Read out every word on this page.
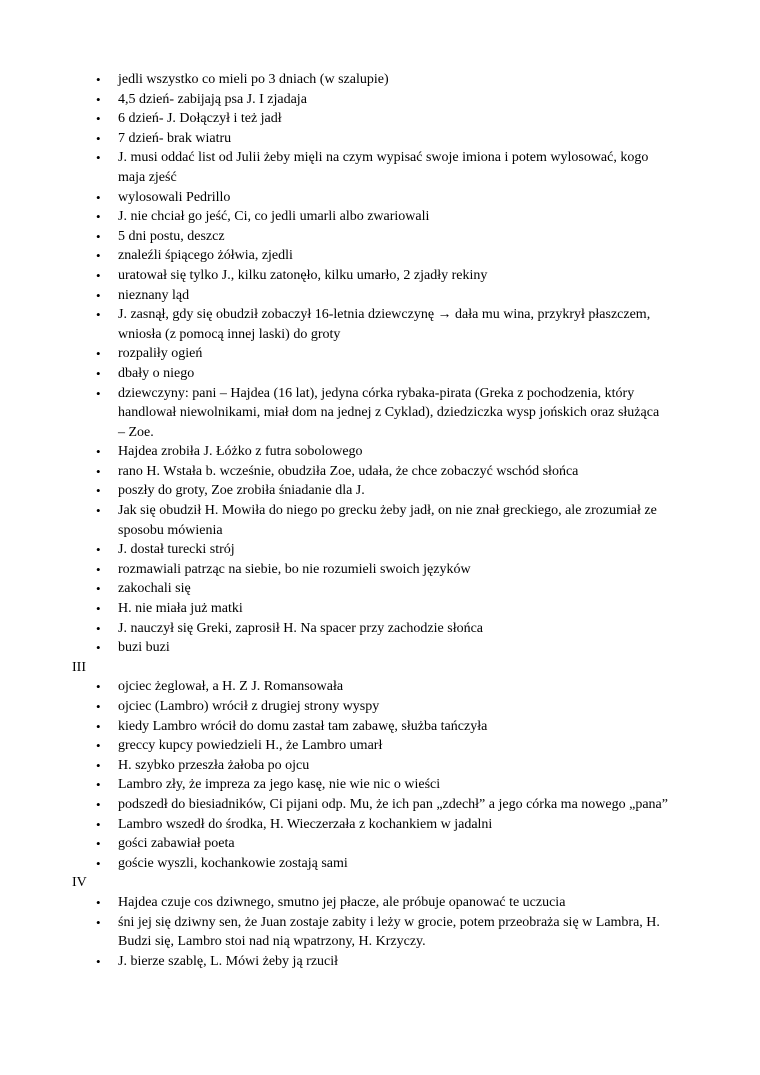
• jedli wszystko co mieli po 3 dniach (w szalupie)
• 4,5 dzień- zabijają psa J. I zjadaja
• 6 dzień- J. Dołączył i też jadł
• 7 dzień- brak wiatru
• J. musi oddać list od Julii żeby mięli na czym wypisać swoje imiona i potem wylosować, kogo maja zjeść
• wylosowali Pedrillo
• J. nie chciał go jeść, Ci, co jedli umarli albo zwariowali
• 5 dni postu, deszcz
• znaleźli śpiącego żółwia, zjedli
• uratował się tylko J., kilku zatonęło, kilku umarło, 2 zjadły rekiny
• nieznany ląd
• J. zasnął, gdy się obudził zobaczył 16-letnia dziewczynę → dała mu wina, przykrył płaszczem, wniosła (z pomocą innej laski) do groty
• rozpaliły ogień
• dbały o niego
• dziewczyny: pani – Hajdea (16 lat), jedyna córka rybaka-pirata (Greka z pochodzenia, który handlował niewolnikami, miał dom na jednej z Cyklad), dziedziczka wysp jońskich oraz służąca – Zoe.
• Hajdea zrobiła J. Łóżko z futra sobolowego
• rano H. Wstała b. wcześnie, obudziła Zoe, udała, że chce zobaczyć wschód słońca
• poszły do groty, Zoe zrobiła śniadanie dla J.
• Jak się obudził H. Mowiła do niego po grecku żeby jadł, on nie znał greckiego, ale zrozumiał ze sposobu mówienia
• J. dostał turecki strój
• rozmawiali patrząc na siebie, bo nie rozumieli swoich języków
• zakochali się
• H. nie miała już matki
• J. nauczył się Greki, zaprosił H. Na spacer przy zachodzie słońca
• buzi buzi
III
• ojciec żeglował, a H. Z J. Romansowała
• ojciec (Lambro) wrócił z drugiej strony wyspy
• kiedy Lambro wrócił do domu zastał tam zabawę, służba tańczyła
• greccy kupcy powiedzieli H., że Lambro umarł
• H. szybko przeszła żałoba po ojcu
• Lambro zły, że impreza za jego kasę, nie wie nic o wieści
• podszedł do biesiadników, Ci pijani odp. Mu, że ich pan „zdechł” a jego córka ma nowego „pana”
• Lambro wszedł do środka, H. Wieczerzała z kochankiem w jadalni
• gości zabawiał poeta
• goście wyszli, kochankowie zostają sami
IV
• Hajdea czuje cos dziwnego, smutno jej płacze, ale próbuje opanować te uczucia
• śni jej się dziwny sen, że Juan zostaje zabity i leży w grocie, potem przeobraża się w Lambra, H. Budzi się, Lambro stoi nad nią wpatrzony, H. Krzyczy.
• J. bierze szablę, L. Mówi żeby ją rzucił
